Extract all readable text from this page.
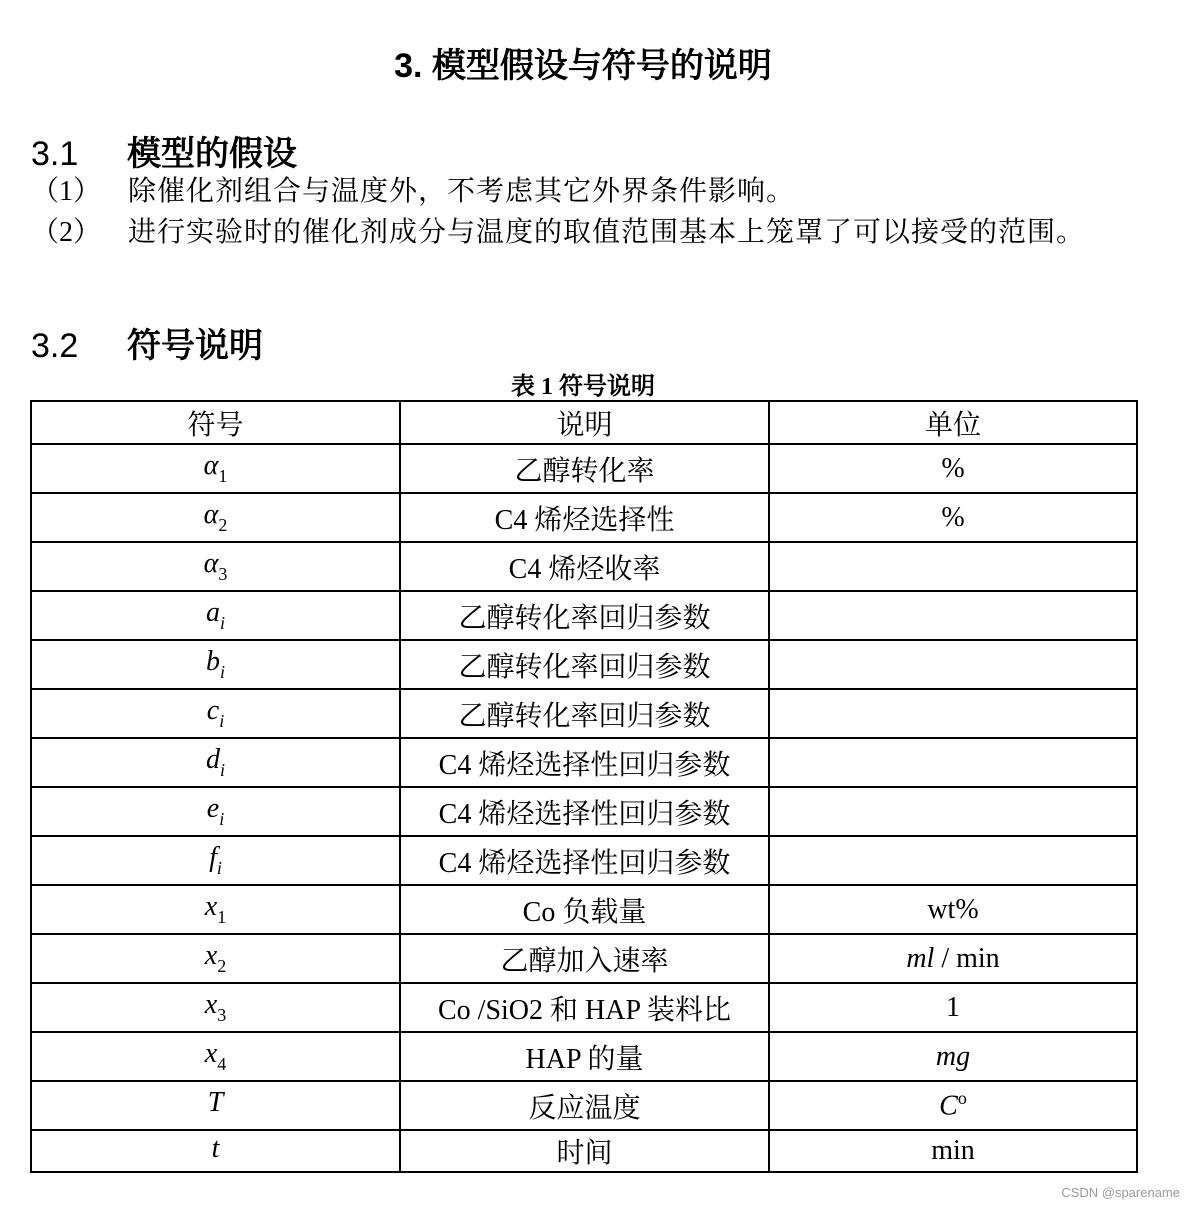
3. 模型假设与符号的说明
3.1 模型的假设
（1） 除催化剂组合与温度外，不考虑其它外界条件影响。
（2） 进行实验时的催化剂成分与温度的取值范围基本上笼罩了可以接受的范围。
3.2 符号说明
表 1 符号说明
符号	说明	单位
$\alpha_1$	乙醇转化率	%
$\alpha_2$	C4 烯烃选择性	%
$\alpha_3$	C4 烯烃收率	
$a_i$	乙醇转化率回归参数	
$b_i$	乙醇转化率回归参数	
$c_i$	乙醇转化率回归参数	
$d_i$	C4 烯烃选择性回归参数	
$e_i$	C4 烯烃选择性回归参数	
$f_i$	C4 烯烃选择性回归参数	
$x_1$	Co 负载量	wt%
$x_2$	乙醇加入速率	ml / min
$x_3$	Co /SiO2 和 HAP 装料比	1
$x_4$	HAP 的量	mg
T	反应温度	$C^o$
t	时间	min
CSDN @sparename
